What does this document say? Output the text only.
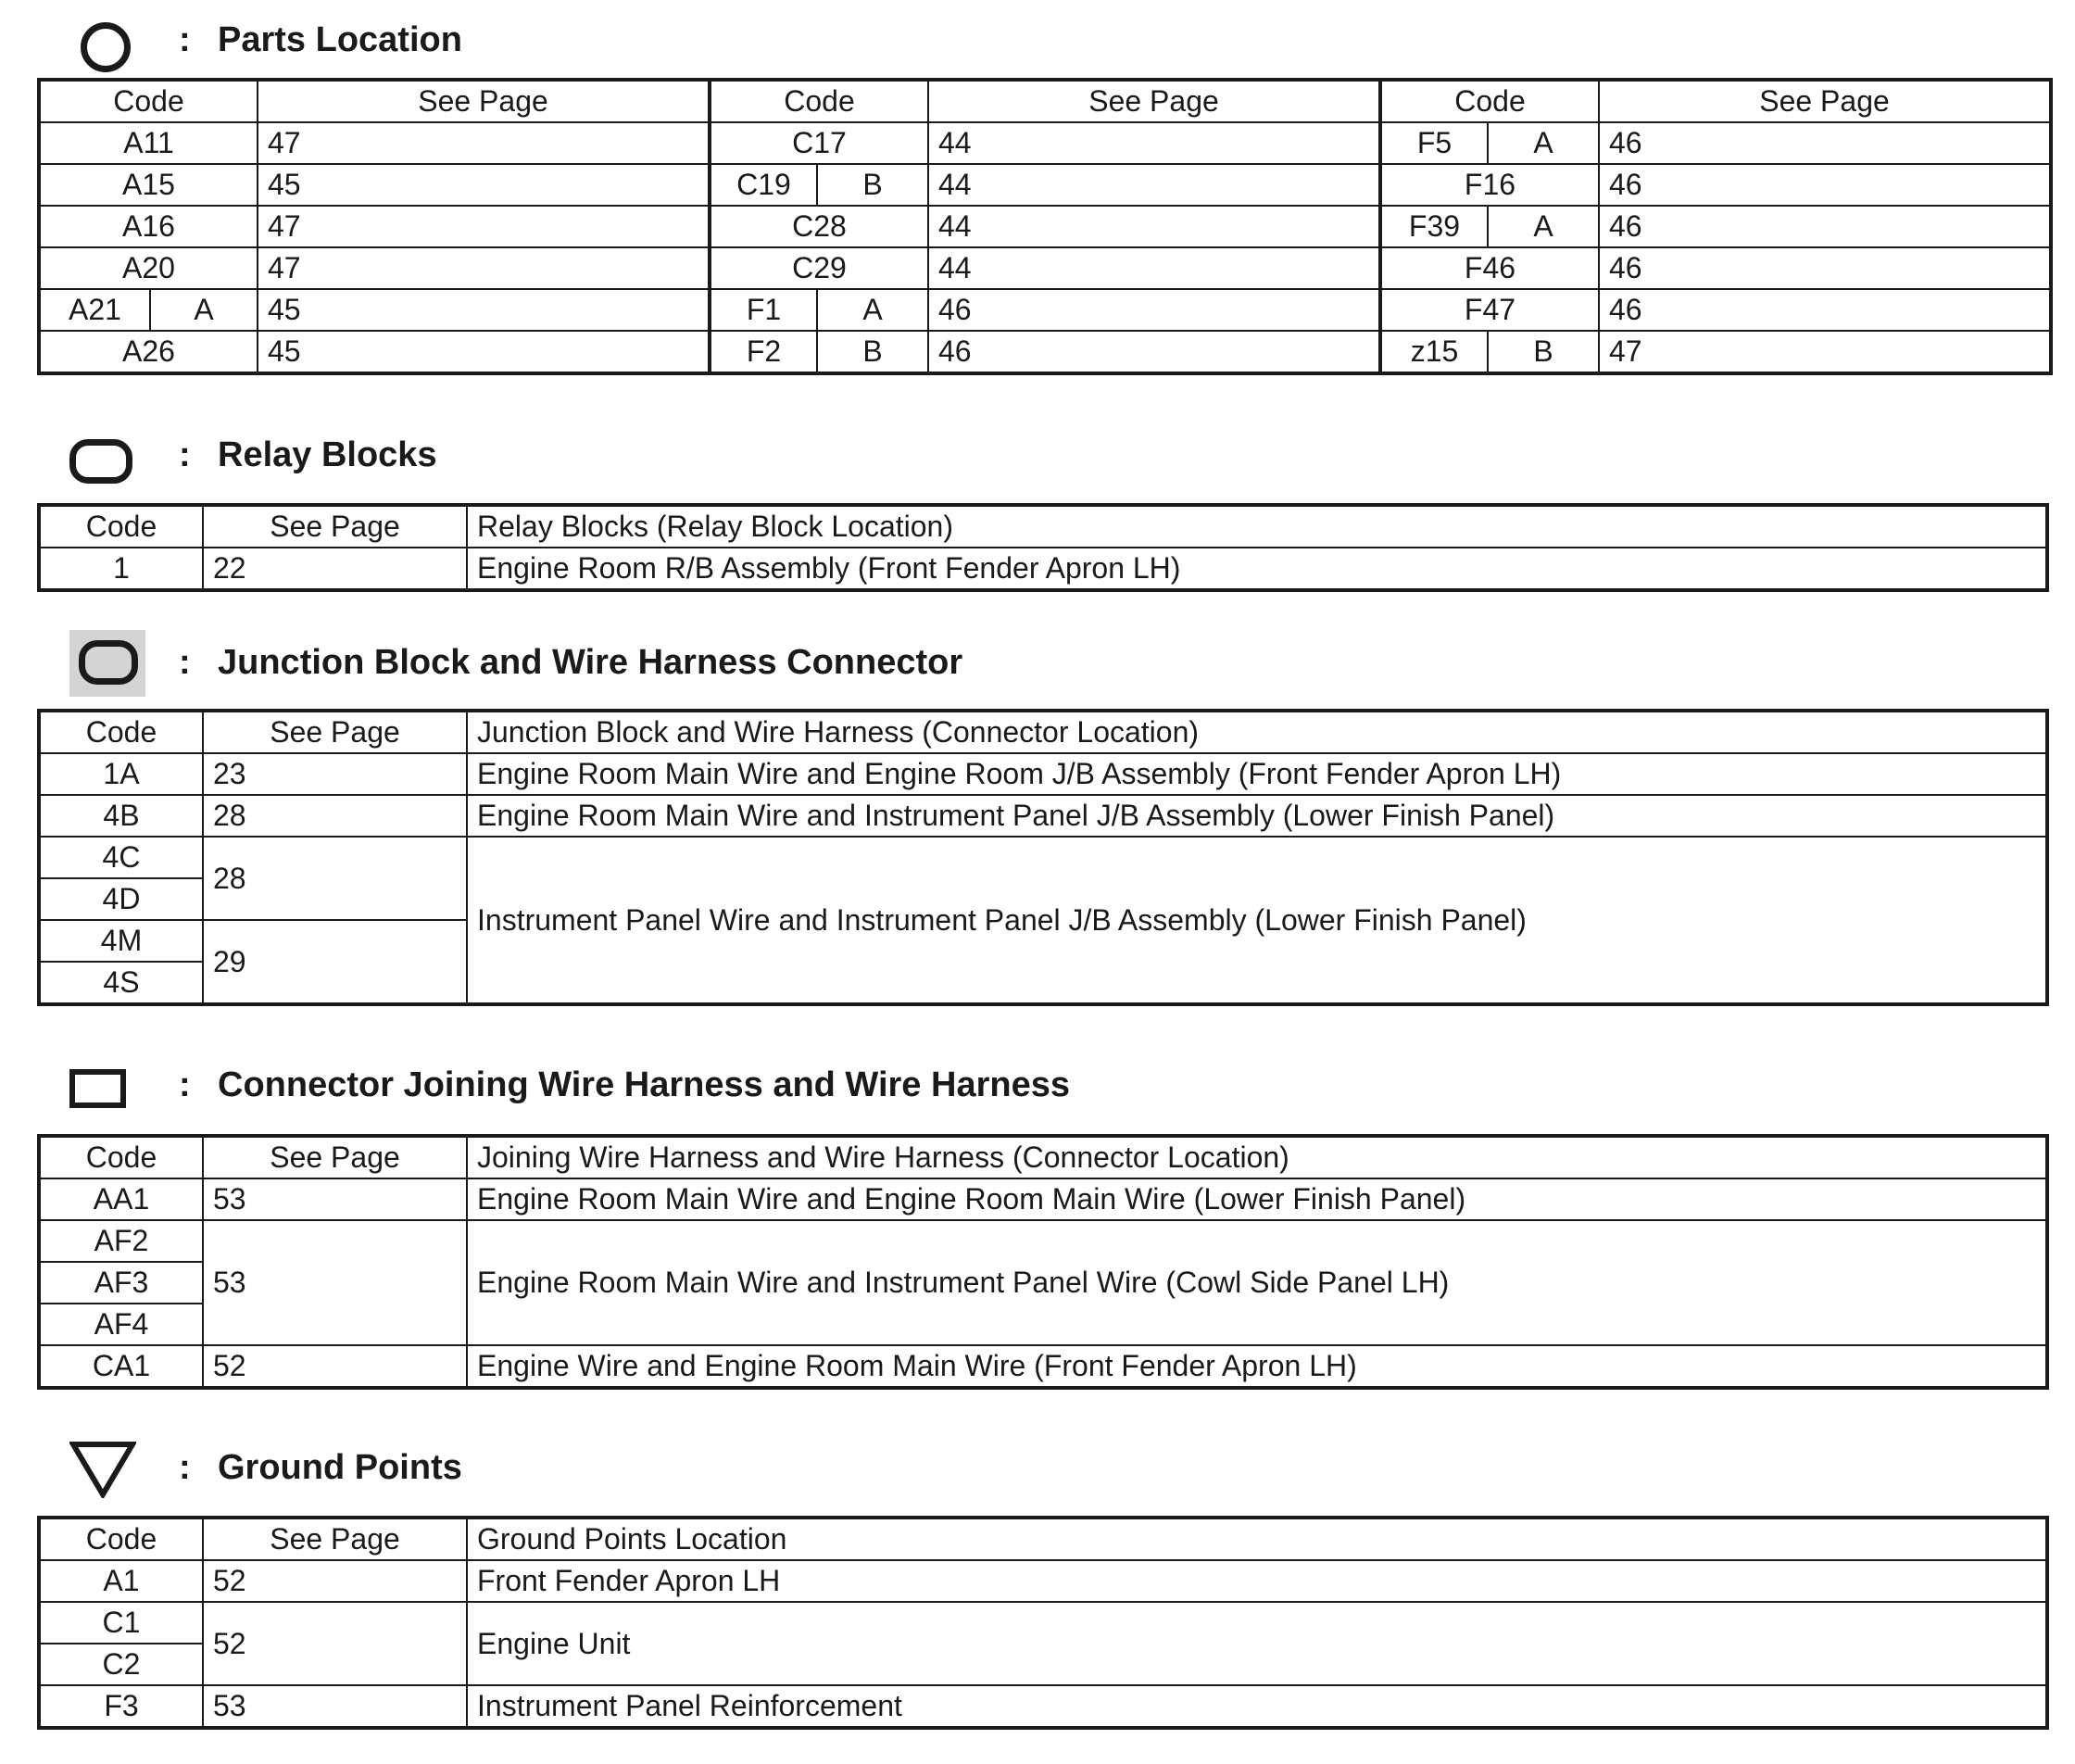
: Parts Location
Code		See Page	Code		See Page	Code		See Page
A11		47	C17		44	F5	A	46
A15		45	C19	B	44	F16		46
A16		47	C28		44	F39	A	46
A20		47	C29		44	F46		46
A21	A	45	F1	A	46	F47		46
A26		45	F2	B	46	z15	B	47
: Relay Blocks
Code	See Page	Relay Blocks (Relay Block Location)
1	22	Engine Room R/B Assembly (Front Fender Apron LH)
: Junction Block and Wire Harness Connector
Code	See Page	Junction Block and Wire Harness (Connector Location)
1A	23	Engine Room Main Wire and Engine Room J/B Assembly (Front Fender Apron LH)
4B	28	Engine Room Main Wire and Instrument Panel J/B Assembly (Lower Finish Panel)
4C	28	Instrument Panel Wire and Instrument Panel J/B Assembly (Lower Finish Panel)
4D		
4M	29	
4S		
: Connector Joining Wire Harness and Wire Harness
Code	See Page	Joining Wire Harness and Wire Harness (Connector Location)
AA1	53	Engine Room Main Wire and Engine Room Main Wire (Lower Finish Panel)
AF2	53	Engine Room Main Wire and Instrument Panel Wire (Cowl Side Panel LH)
AF3		
AF4		
CA1	52	Engine Wire and Engine Room Main Wire (Front Fender Apron LH)
: Ground Points
Code	See Page	Ground Points Location
A1	52	Front Fender Apron LH
C1	52	Engine Unit
C2		
F3	53	Instrument Panel Reinforcement
